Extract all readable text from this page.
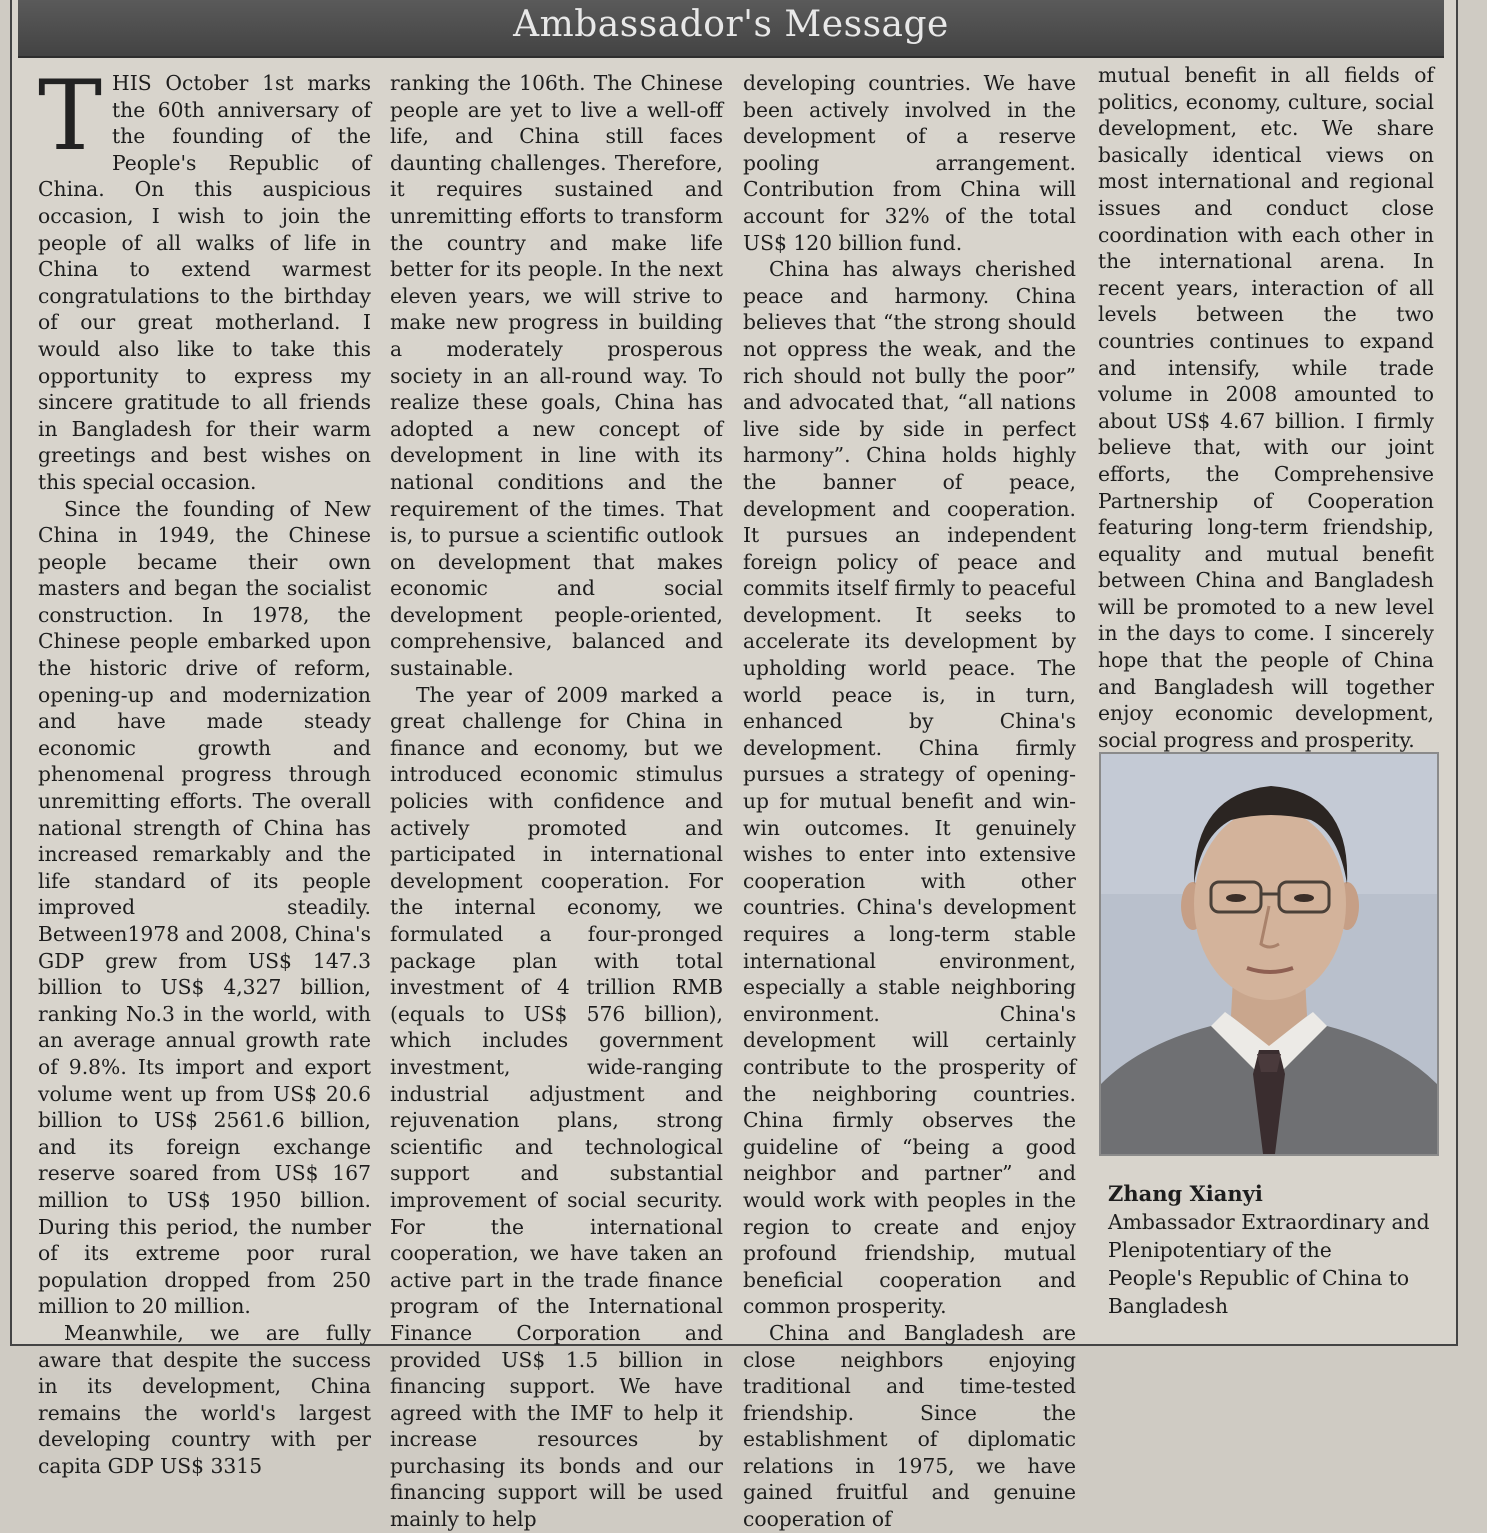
Ambassador's Message

THIS October 1st marks the 60th anniversary of the founding of the People's Republic of China. On this auspicious occasion, I wish to join the people of all walks of life in China to extend warmest congratulations to the birthday of our great motherland. I would also like to take this opportunity to express my sincere gratitude to all friends in Bangladesh for their warm greetings and best wishes on this special occasion.

Since the founding of New China in 1949, the Chinese people became their own masters and began the socialist construction. In 1978, the Chinese people embarked upon the historic drive of reform, opening-up and modernization and have made steady economic growth and phenomenal progress through unremitting efforts. The overall national strength of China has increased remarkably and the life standard of its people improved steadily. Between1978 and 2008, China's GDP grew from US$ 147.3 billion to US$ 4,327 billion, ranking No.3 in the world, with an average annual growth rate of 9.8%. Its import and export volume went up from US$ 20.6 billion to US$ 2561.6 billion, and its foreign exchange reserve soared from US$ 167 million to US$ 1950 billion. During this period, the number of its extreme poor rural population dropped from 250 million to 20 million.

Meanwhile, we are fully aware that despite the success in its development, China remains the world's largest developing country with per capita GDP US$ 3315

ranking the 106th. The Chinese people are yet to live a well-off life, and China still faces daunting challenges. Therefore, it requires sustained and unremitting efforts to transform the country and make life better for its people. In the next eleven years, we will strive to make new progress in building a moderately prosperous society in an all-round way. To realize these goals, China has adopted a new concept of development in line with its national conditions and the requirement of the times. That is, to pursue a scientific outlook on development that makes economic and social development people-oriented, comprehensive, balanced and sustainable.

The year of 2009 marked a great challenge for China in finance and economy, but we introduced economic stimulus policies with confidence and actively promoted and participated in international development cooperation. For the internal economy, we formulated a four-pronged package plan with total investment of 4 trillion RMB (equals to US$ 576 billion), which includes government investment, wide-ranging industrial adjustment and rejuvenation plans, strong scientific and technological support and substantial improvement of social security. For the international cooperation, we have taken an active part in the trade finance program of the International Finance Corporation and provided US$ 1.5 billion in financing support. We have agreed with the IMF to help it increase resources by purchasing its bonds and our financing support will be used mainly to help

developing countries. We have been actively involved in the development of a reserve pooling arrangement. Contribution from China will account for 32% of the total US$ 120 billion fund.

China has always cherished peace and harmony. China believes that “the strong should not oppress the weak, and the rich should not bully the poor” and advocated that, “all nations live side by side in perfect harmony”. China holds highly the banner of peace, development and cooperation. It pursues an independent foreign policy of peace and commits itself firmly to peaceful development. It seeks to accelerate its development by upholding world peace. The world peace is, in turn, enhanced by China's development. China firmly pursues a strategy of opening-up for mutual benefit and win-win outcomes. It genuinely wishes to enter into extensive cooperation with other countries. China's development requires a long-term stable international environment, especially a stable neighboring environment. China's development will certainly contribute to the prosperity of the neighboring countries. China firmly observes the guideline of “being a good neighbor and partner” and would work with peoples in the region to create and enjoy profound friendship, mutual beneficial cooperation and common prosperity.

China and Bangladesh are close neighbors enjoying traditional and time-tested friendship. Since the establishment of diplomatic relations in 1975, we have gained fruitful and genuine cooperation of

mutual benefit in all fields of politics, economy, culture, social development, etc. We share basically identical views on most international and regional issues and conduct close coordination with each other in the international arena. In recent years, interaction of all levels between the two countries continues to expand and intensify, while trade volume in 2008 amounted to about US$ 4.67 billion. I firmly believe that, with our joint efforts, the Comprehensive Partnership of Cooperation featuring long-term friendship, equality and mutual benefit between China and Bangladesh will be promoted to a new level in the days to come. I sincerely hope that the people of China and Bangladesh will together enjoy economic development, social progress and prosperity.

Zhang Xianyi
Ambassador Extraordinary and
Plenipotentiary of the
People's Republic of China to
Bangladesh
